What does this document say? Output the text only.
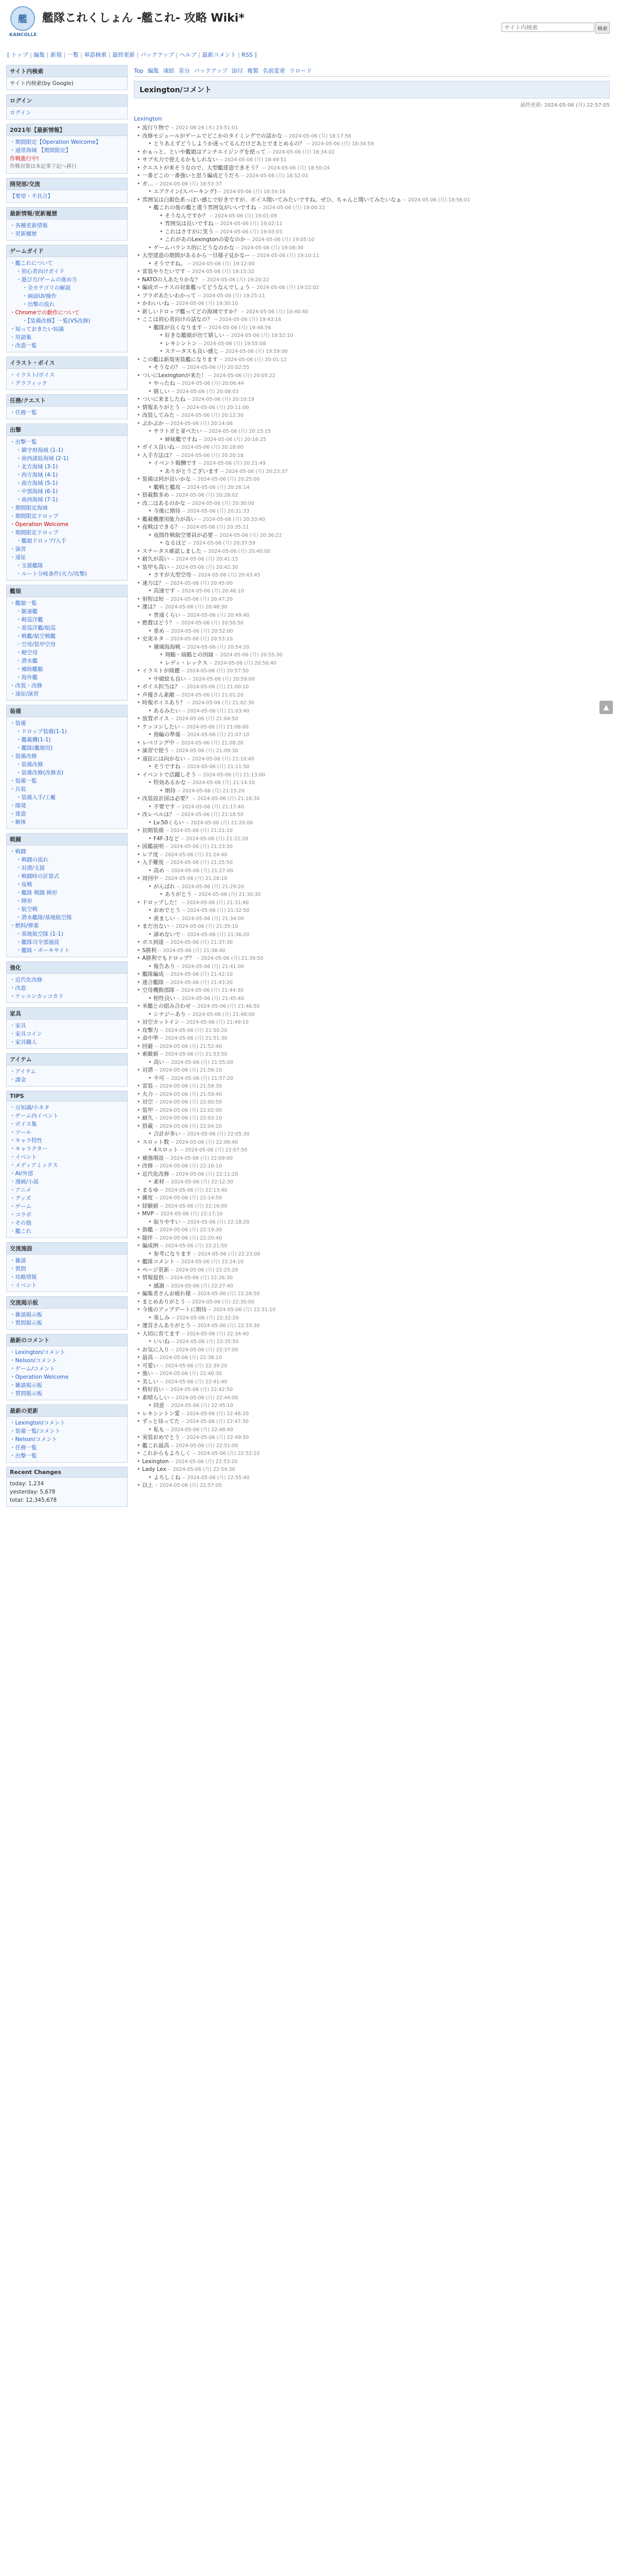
艦
KANCOLLE
艦隊これくしょん -艦これ- 攻略 Wiki*
サイト内検索
検索
[ トップ | 編集 | 新規 | 一覧 | 単語検索 | 最終更新 | バックアップ | ヘルプ | 最新コメント | RSS ]
サイト内検索
サイト内検索(by Google)
ログイン
ログイン
2021年【最新情報】
・期間限定【Operation Welcome】
・通常海域 【期間限定】
作戦進行中!
作戦対策は本記事下記へ移行
開発部/交流
【要望・不具合】
最新情報/更新履歴
・各種更新情報
・更新履歴
ゲームガイド
・艦これについて
・初心者向けガイド
・遊び方/ゲームの進め方
・全カテゴリの解説
・画面UI/操作
・出撃の流れ
・Chromeでの動作について
・【装備改修】一覧(VS改修)
・知っておきたい知識
・用語集
・改造一覧
イラスト・ボイス
・イラスト/ボイス
・グラフィック
任務/クエスト
・任務一覧
出撃
・出撃一覧
・鎮守府海域 (1-1)
・南西諸島海域 (2-1)
・北方海域 (3-1)
・西方海域 (4-1)
・南方海域 (5-1)
・中部海域 (6-1)
・南西海域 (7-1)
・期間限定海域
・期間限定ドロップ
・Operation Welcome
・期間限定ドロップ
・艦娘ドロップ/入手
・演習
・遠征
・支援艦隊
・ルート分岐条件(火力/攻撃)
艦娘
・艦娘一覧
・駆逐艦
・軽巡洋艦
・重巡洋艦/航巡
・戦艦/航空戦艦
・空母/装甲空母
・軽空母
・潜水艦
・補助艦艇
・海外艦
・改装・改修
・遠征/演習
装備
・装備
・ドロップ装備(1-1)
・艦載機(1-1)
・艦隊(艦娘用)
・装備改修
・装備改修
・装備改修(改修表)
・装備一覧
・兵装
・装備入手/工廠
・開発
・建造
・解体
戦闘
・戦闘
・戦闘の流れ
・対潜/支援
・戦闘時の計算式
・夜戦
・艦隊 戦闘 陣形
・陣形
・航空戦
・潜水艦隊/基地航空隊
・燃料/弾薬
・基地航空隊 (1-1)
・艦隊司令部施設
・艦隊・ボーキサイト
強化
・近代化改修
・改造
・ケッコンカッコカリ
家具
・家具
・家具コイン
・家具職人
アイテム
・アイテム
・課金
TIPS
・豆知識/小ネタ
・ゲーム内イベント
・ボイス集
・ツール
・キャラ特性
・キャラクター
・イベント
・メディアミックス
・AI/外部
・漫画/小説
・アニメ
・グッズ
・ゲーム
・コラボ
・その他
・艦これ
交流施設
・雑談
・質問
・攻略情報
・イベント
交流掲示板
・雑談掲示板
・質問掲示板
最新のコメント
・Lexington/コメント
・Nelson/コメント
・ゲーム/コメント
・Operation Welcome
・雑談掲示板
・質問掲示板
最新の更新
・Lexington/コメント
・装備一覧/コメント
・Nelson/コメント
・任務一覧
・出撃一覧
Recent Changes
today: 1,234
yesterday: 5,678
total: 12,345,678
Top 編集 凍結 差分 バックアップ 添付 複製 名前変更 リロード
Lexington/コメント
最終更新: 2024-05-06 (月) 22:57:05
Lexington
• 流行り物で -- 2021-08-26 (木) 23:51:01
• 改修モジュールがゲームでどこかのタイミングでの話かな -- 2024-05-06 (月) 18:17:56
• とりあえずどうしようか迷ってるんだけどあとでまとめるの？ -- 2024-05-06 (月) 18:34:59
• かぁっと、といや艦娘はアンチエイジングを使って -- 2024-05-06 (月) 18:34:02
• サブ火力で使えるかもしれない -- 2024-05-06 (月) 18:49:51
• クエストが来そうなので、大型艦建造できそう？ -- 2024-05-06 (月) 18:50:24
• 一番どこの一番強いと思う編成どうだろ -- 2024-05-06 (月) 18:52:01
• ガ… -- 2024-05-06 (月) 18:53:37
• エアクイン(スパーキング) -- 2024-05-06 (月) 18:54:16
• 雰囲気は白銀色系っぽい感じで好きですが、ボイス聞いてみたいですね。ぜひ、ちゃんと聞いてみたいなぁ -- 2024-05-06 (月) 18:56:01
• 艦これの他の艦と違う雰囲気がいいですね -- 2024-05-06 (月) 19:00:22
• そうなんですか？ -- 2024-05-06 (月) 19:01:09
• 雰囲気は良いですね -- 2024-05-06 (月) 19:02:11
• これはさすがに笑う -- 2024-05-06 (月) 19:03:03
• これがあのLexingtonの姿なのか -- 2024-05-06 (月) 19:05:10
• ゲームバランス的にどうなのかな -- 2024-05-06 (月) 19:08:30
• 大型建造の期間があるから一旦様子見かなー -- 2024-05-06 (月) 19:10:11
• そうですね。 -- 2024-05-06 (月) 19:12:00
• 雷装やりたいです -- 2024-05-06 (月) 19:15:32
• NATOの人あたりかな？ -- 2024-05-06 (月) 19:20:22
• 編成ボーナスの対象艦ってどうなんでしょう -- 2024-05-06 (月) 19:22:02
• ブラボあたいわかって -- 2024-05-06 (月) 19:25:11
• かわいいね -- 2024-05-06 (月) 19:30:10
• 新しいドロップ艦ってどの海域ですか？ -- 2024-05-06 (月) 19:40:40
• ここは初心者向けの話なの？ -- 2024-05-06 (月) 19:43:16
• 艦隊が良くなります -- 2024-05-06 (月) 19:48:56
• 好きな艦娘が出て嬉しい -- 2024-05-06 (月) 19:52:10
• レキシントン -- 2024-05-06 (月) 19:55:08
• ステータスも良い感じ -- 2024-05-06 (月) 19:59:00
• この艦は新規実装艦になります -- 2024-05-06 (月) 20:01:12
• そうなの？ -- 2024-05-06 (月) 20:02:55
• ついにLexingtonが来た！ -- 2024-05-06 (月) 20:05:22
• やったね -- 2024-05-06 (月) 20:06:44
• 嬉しい -- 2024-05-06 (月) 20:08:03
• ついに来ましたね -- 2024-05-06 (月) 20:10:19
• 情報ありがとう -- 2024-05-06 (月) 20:11:00
• 改装してみた -- 2024-05-06 (月) 20:12:30
• ぷかぷか -- 2024-05-06 (月) 20:14:06
• サラトガと並べたい -- 2024-05-06 (月) 20:15:15
• 姉妹艦ですね -- 2024-05-06 (月) 20:16:25
• ボイス良いね -- 2024-05-06 (月) 20:18:00
• 入手方法は？ -- 2024-05-06 (月) 20:20:18
• イベント報酬です -- 2024-05-06 (月) 20:21:49
• ありがとうございます -- 2024-05-06 (月) 20:23:37
• 装備は何が良いかな -- 2024-05-06 (月) 20:25:00
• 艦戦と艦攻 -- 2024-05-06 (月) 20:26:14
• 搭載数多め -- 2024-05-06 (月) 20:28:02
• 改二はあるのかな -- 2024-05-06 (月) 20:30:00
• 今後に期待 -- 2024-05-06 (月) 20:31:33
• 艦載機運用能力が高い -- 2024-05-06 (月) 20:33:40
• 夜戦はできる？ -- 2024-05-06 (月) 20:35:11
• 夜間作戦航空要員が必要 -- 2024-05-06 (月) 20:36:22
• なるほど -- 2024-05-06 (月) 20:37:59
• ステータス確認しました -- 2024-05-06 (月) 20:40:00
• 耐久が高い -- 2024-05-06 (月) 20:41:15
• 装甲も高い -- 2024-05-06 (月) 20:42:30
• さすが大型空母 -- 2024-05-06 (月) 20:43:45
• 速力は？ -- 2024-05-06 (月) 20:45:00
• 高速です -- 2024-05-06 (月) 20:46:10
• 射程は短 -- 2024-05-06 (月) 20:47:20
• 運は？ -- 2024-05-06 (月) 20:48:30
• 普通くらい -- 2024-05-06 (月) 20:49:40
• 燃費はどう？ -- 2024-05-06 (月) 20:50:50
• 重め -- 2024-05-06 (月) 20:52:00
• 史実ネタ -- 2024-05-06 (月) 20:53:10
• 珊瑚海海戦 -- 2024-05-06 (月) 20:54:20
• 翔鶴・瑞鶴との因縁 -- 2024-05-06 (月) 20:55:30
• レディ・レックス -- 2024-05-06 (月) 20:56:40
• イラストが綺麗 -- 2024-05-06 (月) 20:57:50
• 中破絵も良い -- 2024-05-06 (月) 20:59:00
• ボイス担当は？ -- 2024-05-06 (月) 21:00:10
• 声優さん素敵 -- 2024-05-06 (月) 21:01:20
• 時報ボイスあり？ -- 2024-05-06 (月) 21:02:30
• あるみたい -- 2024-05-06 (月) 21:03:40
• 放置ボイス -- 2024-05-06 (月) 21:04:50
• ケッコンしたい -- 2024-05-06 (月) 21:06:00
• 指輪の準備 -- 2024-05-06 (月) 21:07:10
• レベリング中 -- 2024-05-06 (月) 21:08:20
• 演習で使う -- 2024-05-06 (月) 21:09:30
• 遠征には向かない -- 2024-05-06 (月) 21:10:40
• そうですね -- 2024-05-06 (月) 21:11:50
• イベントで活躍しそう -- 2024-05-06 (月) 21:13:00
• 特効あるかな -- 2024-05-06 (月) 21:14:10
• 期待 -- 2024-05-06 (月) 21:15:20
• 改装設計図は必要？ -- 2024-05-06 (月) 21:16:30
• 不要です -- 2024-05-06 (月) 21:17:40
• 改レベルは？ -- 2024-05-06 (月) 21:18:50
• Lv.50くらい -- 2024-05-06 (月) 21:20:00
• 初期装備 -- 2024-05-06 (月) 21:21:10
• F4F-3など -- 2024-05-06 (月) 21:22:20
• 図鑑説明 -- 2024-05-06 (月) 21:23:30
• レア度 -- 2024-05-06 (月) 21:24:40
• 入手難度 -- 2024-05-06 (月) 21:25:50
• 高め -- 2024-05-06 (月) 21:27:00
• 周回中 -- 2024-05-06 (月) 21:28:10
• がんばれ -- 2024-05-06 (月) 21:29:20
• ありがとう -- 2024-05-06 (月) 21:30:30
• ドロップした！ -- 2024-05-06 (月) 21:31:40
• おめでとう -- 2024-05-06 (月) 21:32:50
• 羨ましい -- 2024-05-06 (月) 21:34:00
• まだ出ない -- 2024-05-06 (月) 21:35:10
• 諦めないで -- 2024-05-06 (月) 21:36:20
• ボス到達 -- 2024-05-06 (月) 21:37:30
• S勝利 -- 2024-05-06 (月) 21:38:40
• A勝利でもドロップ？ -- 2024-05-06 (月) 21:39:50
• 報告あり -- 2024-05-06 (月) 21:41:00
• 艦隊編成 -- 2024-05-06 (月) 21:42:10
• 連合艦隊 -- 2024-05-06 (月) 21:43:20
• 空母機動部隊 -- 2024-05-06 (月) 21:44:30
• 相性良い -- 2024-05-06 (月) 21:45:40
• 米艦との組み合わせ -- 2024-05-06 (月) 21:46:50
• シナジーあり -- 2024-05-06 (月) 21:48:00
• 対空カットイン -- 2024-05-06 (月) 21:49:10
• 攻撃力 -- 2024-05-06 (月) 21:50:20
• 命中率 -- 2024-05-06 (月) 21:51:30
• 回避 -- 2024-05-06 (月) 21:52:40
• 索敵値 -- 2024-05-06 (月) 21:53:50
• 高い -- 2024-05-06 (月) 21:55:00
• 対潜 -- 2024-05-06 (月) 21:56:10
• 不可 -- 2024-05-06 (月) 21:57:20
• 雷装 -- 2024-05-06 (月) 21:58:30
• 火力 -- 2024-05-06 (月) 21:59:40
• 対空 -- 2024-05-06 (月) 22:00:50
• 装甲 -- 2024-05-06 (月) 22:02:00
• 耐久 -- 2024-05-06 (月) 22:03:10
• 搭載 -- 2024-05-06 (月) 22:04:20
• 合計が多い -- 2024-05-06 (月) 22:05:30
• スロット数 -- 2024-05-06 (月) 22:06:40
• 4スロット -- 2024-05-06 (月) 22:07:50
• 補強増設 -- 2024-05-06 (月) 22:09:00
• 改修 -- 2024-05-06 (月) 22:10:10
• 近代化改修 -- 2024-05-06 (月) 22:11:20
• 素材 -- 2024-05-06 (月) 22:12:30
• まるゆ -- 2024-05-06 (月) 22:13:40
• 練度 -- 2024-05-06 (月) 22:14:50
• 経験値 -- 2024-05-06 (月) 22:16:00
• MVP -- 2024-05-06 (月) 22:17:10
• 取りやすい -- 2024-05-06 (月) 22:18:20
• 旗艦 -- 2024-05-06 (月) 22:19:30
• 随伴 -- 2024-05-06 (月) 22:20:40
• 編成例 -- 2024-05-06 (月) 22:21:50
• 参考になります -- 2024-05-06 (月) 22:23:00
• 艦隊コメント -- 2024-05-06 (月) 22:24:10
• ページ更新 -- 2024-05-06 (月) 22:25:20
• 情報提供 -- 2024-05-06 (月) 22:26:30
• 感謝 -- 2024-05-06 (月) 22:27:40
• 編集者さんお疲れ様 -- 2024-05-06 (月) 22:28:50
• まとめありがとう -- 2024-05-06 (月) 22:30:00
• 今後のアップデートに期待 -- 2024-05-06 (月) 22:31:10
• 楽しみ -- 2024-05-06 (月) 22:32:20
• 運営さんありがとう -- 2024-05-06 (月) 22:33:30
• 大切に育てます -- 2024-05-06 (月) 22:34:40
• いいね -- 2024-05-06 (月) 22:35:50
• お気に入り -- 2024-05-06 (月) 22:37:00
• 最高 -- 2024-05-06 (月) 22:38:10
• 可愛い -- 2024-05-06 (月) 22:39:20
• 強い -- 2024-05-06 (月) 22:40:30
• 美しい -- 2024-05-06 (月) 22:41:40
• 格好良い -- 2024-05-06 (月) 22:42:50
• 素晴らしい -- 2024-05-06 (月) 22:44:00
• 同意 -- 2024-05-06 (月) 22:45:10
• レキシントン愛 -- 2024-05-06 (月) 22:46:20
• ずっと待ってた -- 2024-05-06 (月) 22:47:30
• 私も -- 2024-05-06 (月) 22:48:40
• 実装おめでとう -- 2024-05-06 (月) 22:49:50
• 艦これ最高 -- 2024-05-06 (月) 22:51:00
• これからもよろしく -- 2024-05-06 (月) 22:52:10
• Lexington -- 2024-05-06 (月) 22:53:20
• Lady Lex -- 2024-05-06 (月) 22:54:30
• よろしくね -- 2024-05-06 (月) 22:55:40
• 以上 -- 2024-05-06 (月) 22:57:05
▲
